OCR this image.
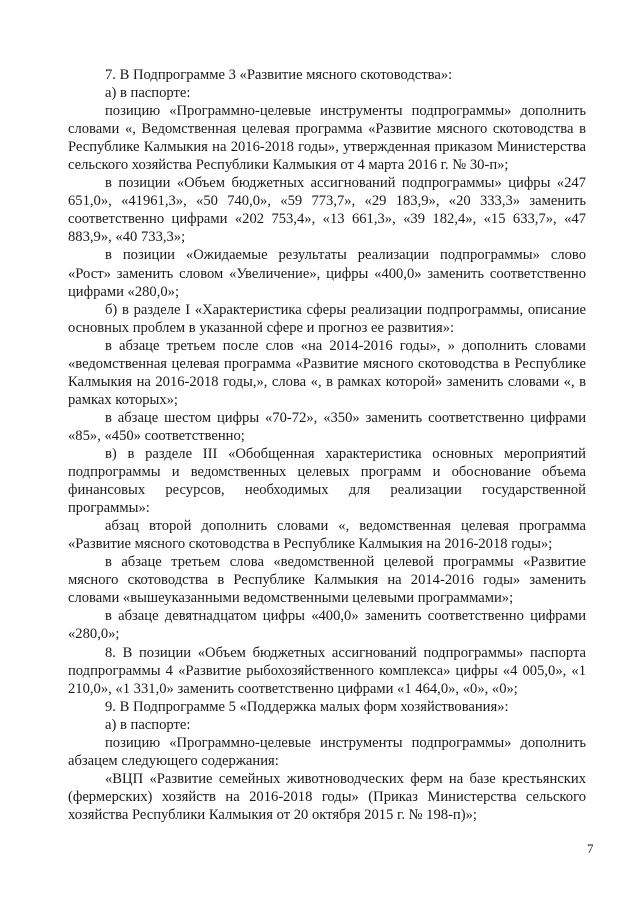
7. В Подпрограмме 3 «Развитие мясного скотоводства»:

а) в паспорте:

позицию «Программно-целевые инструменты подпрограммы» дополнить словами «, Ведомственная целевая программа «Развитие мясного скотоводства в Республике Калмыкия на 2016-2018 годы», утвержденная приказом Министерства сельского хозяйства Республики Калмыкия от 4 марта 2016 г. № 30-п»;

в позиции «Объем бюджетных ассигнований подпрограммы» цифры «247 651,0», «41961,3», «50 740,0», «59 773,7», «29 183,9», «20 333,3» заменить соответственно цифрами «202 753,4», «13 661,3», «39 182,4», «15 633,7», «47 883,9», «40 733,3»;

в позиции «Ожидаемые результаты реализации подпрограммы» слово «Рост» заменить словом «Увеличение», цифры «400,0» заменить соответственно цифрами «280,0»;

б) в разделе I «Характеристика сферы реализации подпрограммы, описание основных проблем в указанной сфере и прогноз ее развития»:

в абзаце третьем после слов «на 2014-2016 годы», » дополнить словами «ведомственная целевая программа «Развитие мясного скотоводства в Республике Калмыкия на 2016-2018 годы,», слова «, в рамках которой» заменить словами «, в рамках которых»;

в абзаце шестом цифры «70-72», «350» заменить соответственно цифрами «85», «450» соответственно;

в) в разделе III «Обобщенная характеристика основных мероприятий подпрограммы и ведомственных целевых программ и обоснование объема финансовых ресурсов, необходимых для реализации государственной программы»:

абзац второй дополнить словами «, ведомственная целевая программа «Развитие мясного скотоводства в Республике Калмыкия на 2016-2018 годы»;

в абзаце третьем слова «ведомственной целевой программы «Развитие мясного скотоводства в Республике Калмыкия на 2014-2016 годы» заменить словами «вышеуказанными ведомственными целевыми программами»;

в абзаце девятнадцатом цифры «400,0» заменить соответственно цифрами «280,0»;

8. В позиции «Объем бюджетных ассигнований подпрограммы» паспорта подпрограммы 4 «Развитие рыбохозяйственного комплекса» цифры «4 005,0», «1 210,0», «1 331,0» заменить соответственно цифрами «1 464,0», «0», «0»;

9. В Подпрограмме 5 «Поддержка малых форм хозяйствования»:

а) в паспорте:

позицию «Программно-целевые инструменты подпрограммы» дополнить абзацем следующего содержания:

«ВЦП «Развитие семейных животноводческих ферм на базе крестьянских (фермерских) хозяйств на 2016-2018 годы» (Приказ Министерства сельского хозяйства Республики Калмыкия от 20 октября 2015 г. № 198-п)»;

7
